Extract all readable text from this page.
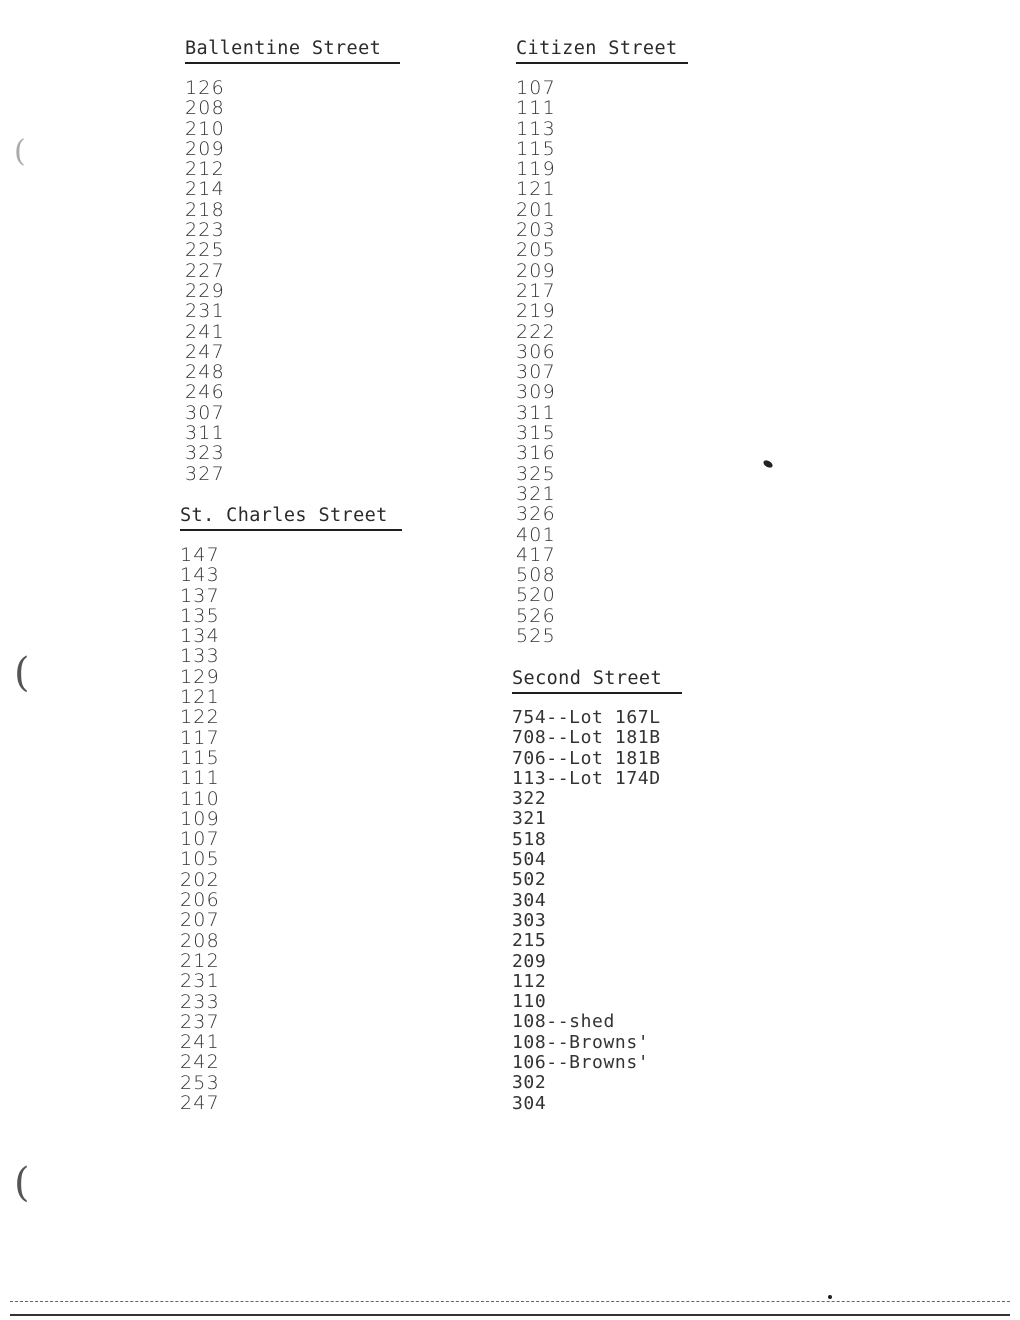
Ballentine Street
126
208
210
209
212
214
218
223
225
227
229
231
241
247
248
246
307
311
323
327
St. Charles Street
147
143
137
135
134
133
129
121
122
117
115
111
110
109
107
105
202
206
207
208
212
231
233
237
241
242
253
247
Citizen Street
107
111
113
115
119
121
201
203
205
209
217
219
222
306
307
309
311
315
316
325
321
326
401
417
508
520
526
525
Second Street
754--Lot 167L
708--Lot 181B
706--Lot 181B
113--Lot 174D
322
321
518
504
502
304
303
215
209
112
110
108--shed
108--Browns'
106--Browns'
302
304
(
(
(
